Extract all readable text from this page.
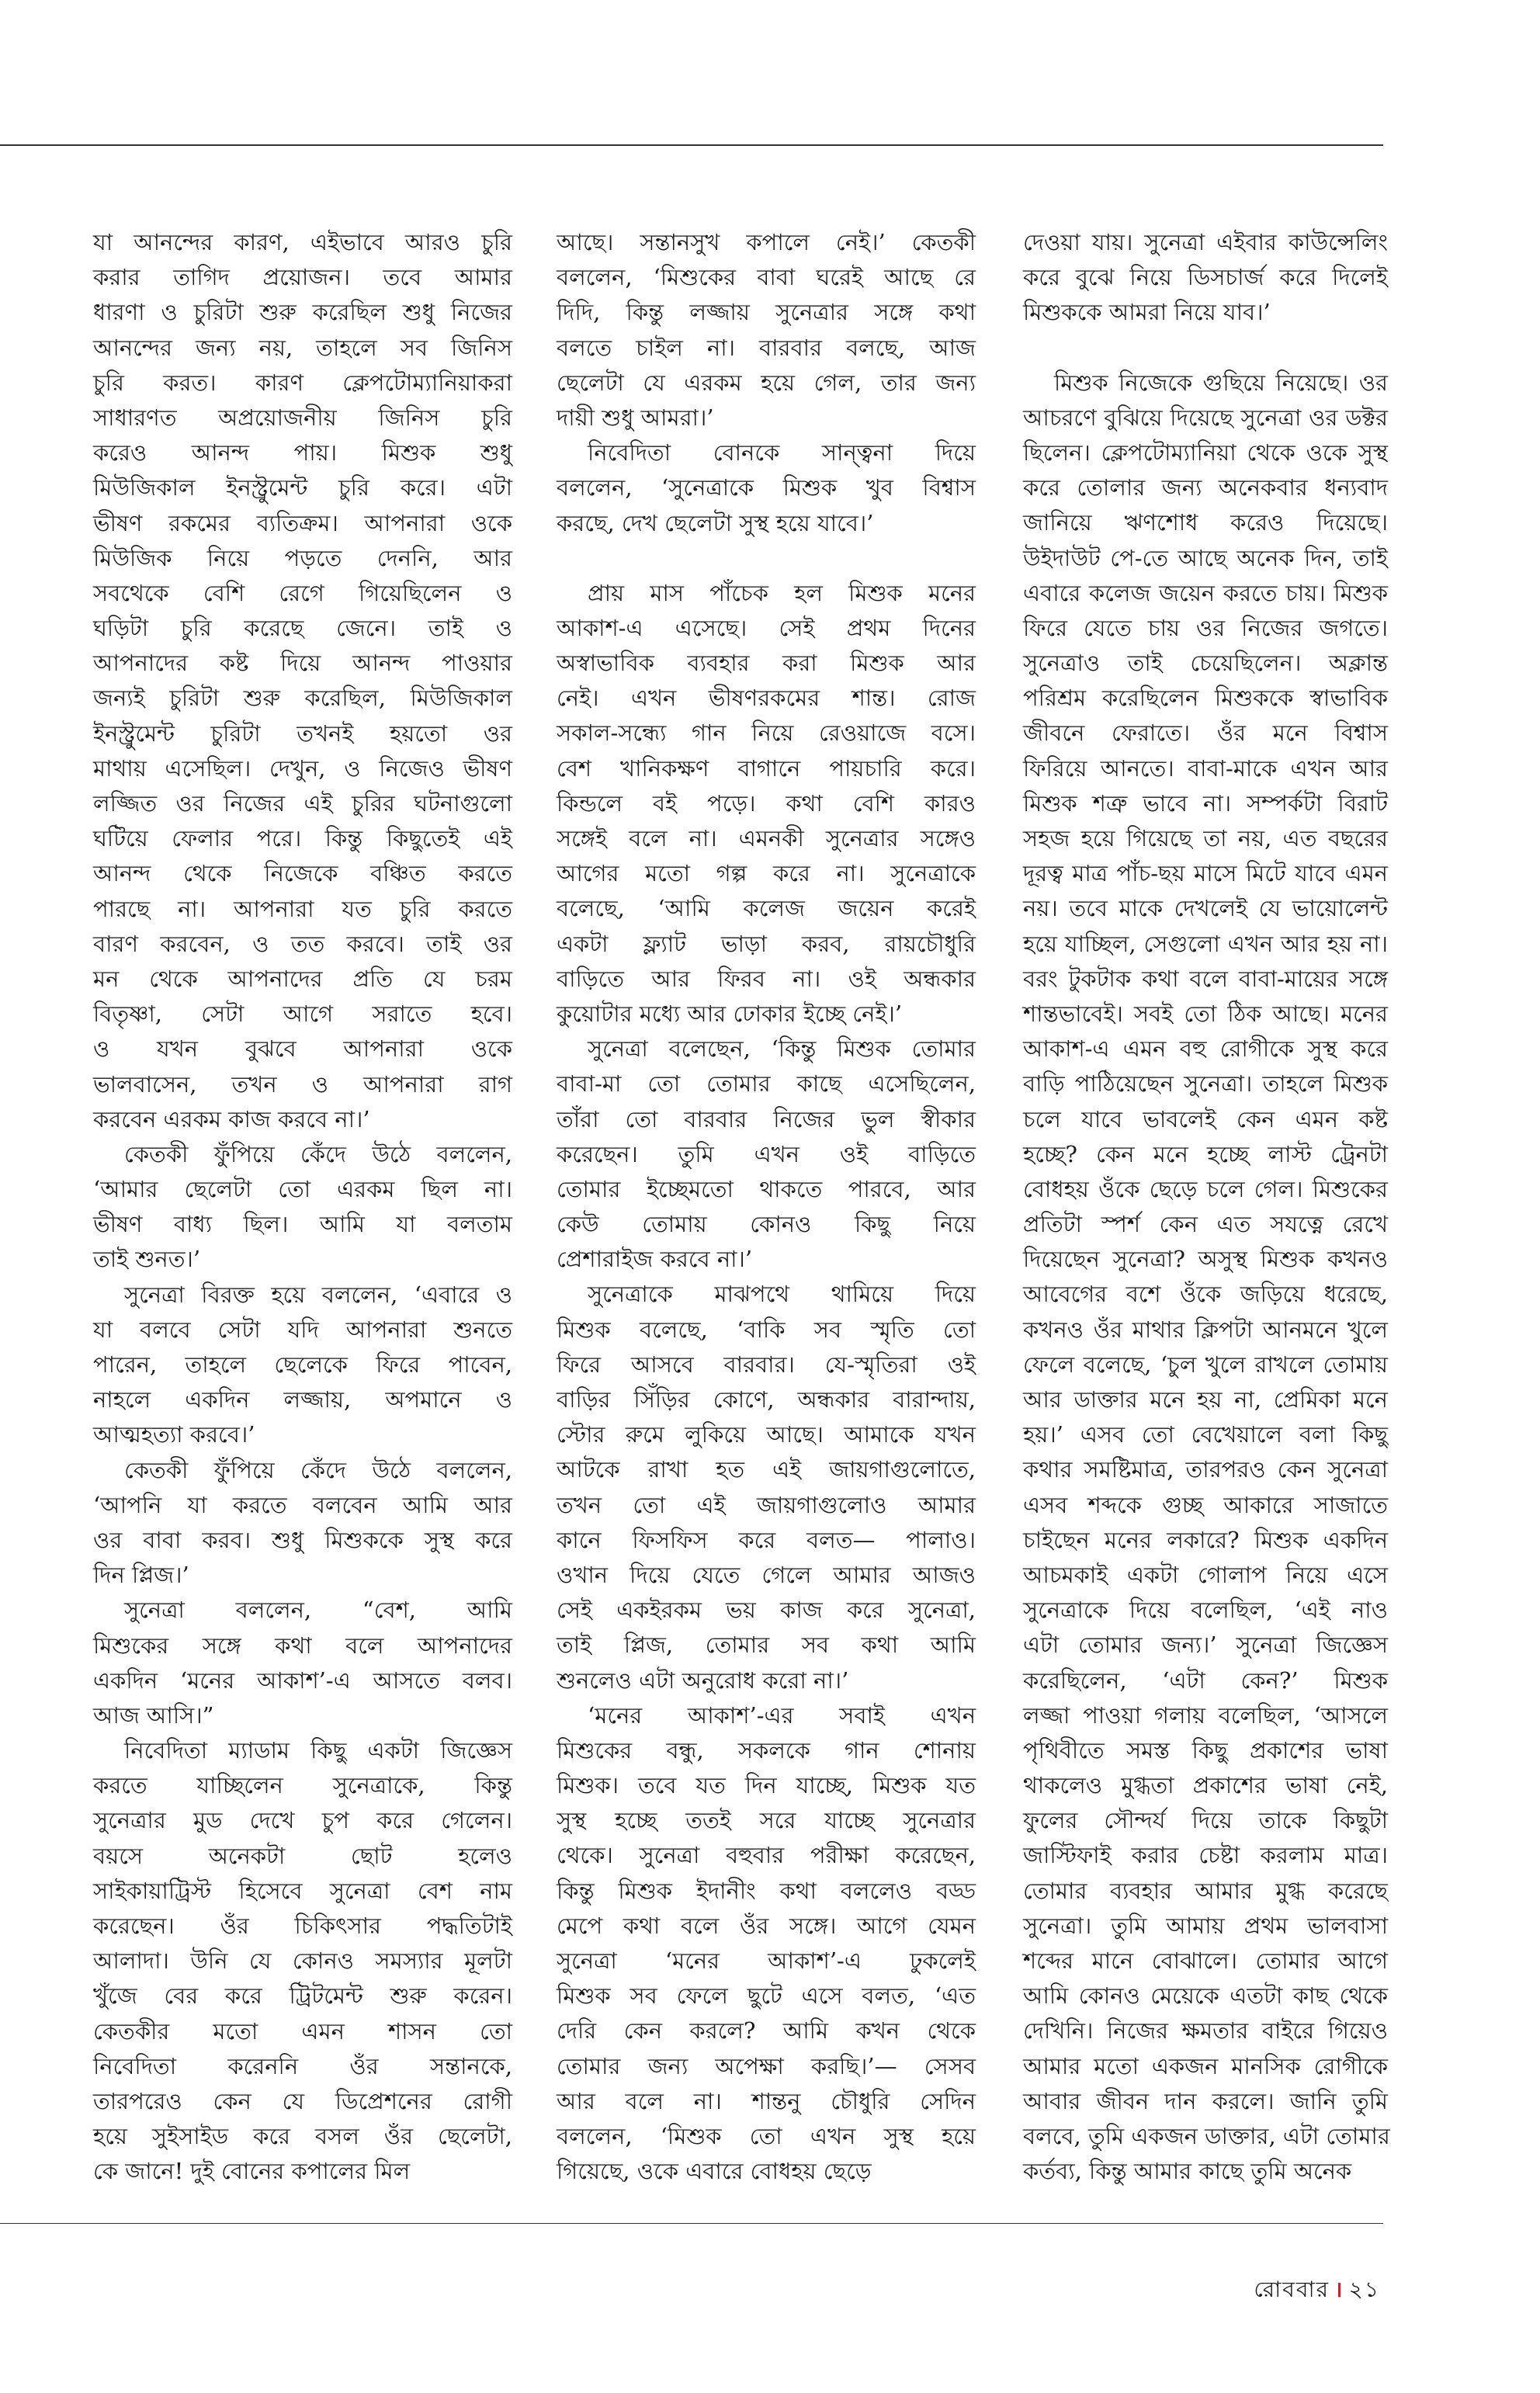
যা আনন্দের কারণ, এইভাবে আরও চুরি
করার তাগিদ প্রয়োজন। তবে আমার
ধারণা ও চুরিটা শুরু করেছিল শুধু নিজের
আনন্দের জন্য নয়, তাহলে সব জিনিস
চুরি করত। কারণ ক্লেপটোম্যানিয়াকরা
সাধারণত অপ্রয়োজনীয় জিনিস চুরি
করেও আনন্দ পায়। মিশুক শুধু
মিউজিকাল ইনস্ট্রুমেন্ট চুরি করে। এটা
ভীষণ রকমের ব্যতিক্রম। আপনারা ওকে
মিউজিক নিয়ে পড়তে দেননি, আর
সবথেকে বেশি রেগে গিয়েছিলেন ও
ঘড়িটা চুরি করেছে জেনে। তাই ও
আপনাদের কষ্ট দিয়ে আনন্দ পাওয়ার
জন্যই চুরিটা শুরু করেছিল, মিউজিকাল
ইনস্ট্রুমেন্ট চুরিটা তখনই হয়তো ওর
মাথায় এসেছিল। দেখুন, ও নিজেও ভীষণ
লজ্জিত ওর নিজের এই চুরির ঘটনাগুলো
ঘটিয়ে ফেলার পরে। কিন্তু কিছুতেই এই
আনন্দ থেকে নিজেকে বঞ্চিত করতে
পারছে না। আপনারা যত চুরি করতে
বারণ করবেন, ও তত করবে। তাই ওর
মন থেকে আপনাদের প্রতি যে চরম
বিতৃষ্ণা, সেটা আগে সরাতে হবে।
ও যখন বুঝবে আপনারা ওকে
ভালবাসেন, তখন ও আপনারা রাগ
করবেন এরকম কাজ করবে না।’
কেতকী ফুঁপিয়ে কেঁদে উঠে বললেন,
‘আমার ছেলেটা তো এরকম ছিল না।
ভীষণ বাধ্য ছিল। আমি যা বলতাম
তাই শুনত।’
সুনেত্রা বিরক্ত হয়ে বললেন, ‘এবারে ও
যা বলবে সেটা যদি আপনারা শুনতে
পারেন, তাহলে ছেলেকে ফিরে পাবেন,
নাহলে একদিন লজ্জায়, অপমানে ও
আত্মহত্যা করবে।’
কেতকী ফুঁপিয়ে কেঁদে উঠে বললেন,
‘আপনি যা করতে বলবেন আমি আর
ওর বাবা করব। শুধু মিশুককে সুস্থ করে
দিন প্লিজ।’
সুনেত্রা বললেন, “বেশ, আমি
মিশুকের সঙ্গে কথা বলে আপনাদের
একদিন ‘মনের আকাশ’-এ আসতে বলব।
আজ আসি।”
নিবেদিতা ম্যাডাম কিছু একটা জিজ্ঞেস
করতে যাচ্ছিলেন সুনেত্রাকে, কিন্তু
সুনেত্রার মুড দেখে চুপ করে গেলেন।
বয়সে অনেকটা ছোট হলেও
সাইকায়াট্রিস্ট হিসেবে সুনেত্রা বেশ নাম
করেছেন। ওঁর চিকিৎসার পদ্ধতিটাই
আলাদা। উনি যে কোনও সমস্যার মূলটা
খুঁজে বের করে ট্রিটমেন্ট শুরু করেন।
কেতকীর মতো এমন শাসন তো
নিবেদিতা করেননি ওঁর সন্তানকে,
তারপরেও কেন যে ডিপ্রেশনের রোগী
হয়ে সুইসাইড করে বসল ওঁর ছেলেটা,
কে জানে! দুই বোনের কপালের মিল
আছে। সন্তানসুখ কপালে নেই।’ কেতকী
বললেন, ‘মিশুকের বাবা ঘরেই আছে রে
দিদি, কিন্তু লজ্জায় সুনেত্রার সঙ্গে কথা
বলতে চাইল না। বারবার বলছে, আজ
ছেলেটা যে এরকম হয়ে গেল, তার জন্য
দায়ী শুধু আমরা।’
নিবেদিতা বোনকে সান্ত্বনা দিয়ে
বললেন, ‘সুনেত্রাকে মিশুক খুব বিশ্বাস
করছে, দেখ ছেলেটা সুস্থ হয়ে যাবে।’
প্রায় মাস পাঁচেক হল মিশুক মনের
আকাশ-এ এসেছে। সেই প্রথম দিনের
অস্বাভাবিক ব্যবহার করা মিশুক আর
নেই। এখন ভীষণরকমের শান্ত। রোজ
সকাল-সন্ধ্যে গান নিয়ে রেওয়াজে বসে।
বেশ খানিকক্ষণ বাগানে পায়চারি করে।
কিন্ডলে বই পড়ে। কথা বেশি কারও
সঙ্গেই বলে না। এমনকী সুনেত্রার সঙ্গেও
আগের মতো গল্প করে না। সুনেত্রাকে
বলেছে, ‘আমি কলেজ জয়েন করেই
একটা ফ্ল্যাট ভাড়া করব, রায়চৌধুরি
বাড়িতে আর ফিরব না। ওই অন্ধকার
কুয়োটার মধ্যে আর ঢোকার ইচ্ছে নেই।’
সুনেত্রা বলেছেন, ‘কিন্তু মিশুক তোমার
বাবা-মা তো তোমার কাছে এসেছিলেন,
তাঁরা তো বারবার নিজের ভুল স্বীকার
করেছেন। তুমি এখন ওই বাড়িতে
তোমার ইচ্ছেমতো থাকতে পারবে, আর
কেউ তোমায় কোনও কিছু নিয়ে
প্রেশারাইজ করবে না।’
সুনেত্রাকে মাঝপথে থামিয়ে দিয়ে
মিশুক বলেছে, ‘বাকি সব স্মৃতি তো
ফিরে আসবে বারবার। যে-স্মৃতিরা ওই
বাড়ির সিঁড়ির কোণে, অন্ধকার বারান্দায়,
স্টোর রুমে লুকিয়ে আছে। আমাকে যখন
আটকে রাখা হত এই জায়গাগুলোতে,
তখন তো এই জায়গাগুলোও আমার
কানে ফিসফিস করে বলত— পালাও।
ওখান দিয়ে যেতে গেলে আমার আজও
সেই একইরকম ভয় কাজ করে সুনেত্রা,
তাই প্লিজ, তোমার সব কথা আমি
শুনলেও এটা অনুরোধ করো না।’
‘মনের আকাশ’-এর সবাই এখন
মিশুকের বন্ধু, সকলকে গান শোনায়
মিশুক। তবে যত দিন যাচ্ছে, মিশুক যত
সুস্থ হচ্ছে ততই সরে যাচ্ছে সুনেত্রার
থেকে। সুনেত্রা বহুবার পরীক্ষা করেছেন,
কিন্তু মিশুক ইদানীং কথা বললেও বড্ড
মেপে কথা বলে ওঁর সঙ্গে। আগে যেমন
সুনেত্রা ‘মনের আকাশ’-এ ঢুকলেই
মিশুক সব ফেলে ছুটে এসে বলত, ‘এত
দেরি কেন করলে? আমি কখন থেকে
তোমার জন্য অপেক্ষা করছি।’— সেসব
আর বলে না। শান্তনু চৌধুরি সেদিন
বললেন, ‘মিশুক তো এখন সুস্থ হয়ে
গিয়েছে, ওকে এবারে বোধহয় ছেড়ে
দেওয়া যায়। সুনেত্রা এইবার কাউন্সেলিং
করে বুঝে নিয়ে ডিসচার্জ করে দিলেই
মিশুককে আমরা নিয়ে যাব।’
মিশুক নিজেকে গুছিয়ে নিয়েছে। ওর
আচরণে বুঝিয়ে দিয়েছে সুনেত্রা ওর ডক্টর
ছিলেন। ক্লেপটোম্যানিয়া থেকে ওকে সুস্থ
করে তোলার জন্য অনেকবার ধন্যবাদ
জানিয়ে ঋণশোধ করেও দিয়েছে।
উইদাউট পে-তে আছে অনেক দিন, তাই
এবারে কলেজ জয়েন করতে চায়। মিশুক
ফিরে যেতে চায় ওর নিজের জগতে।
সুনেত্রাও তাই চেয়েছিলেন। অক্লান্ত
পরিশ্রম করেছিলেন মিশুককে স্বাভাবিক
জীবনে ফেরাতে। ওঁর মনে বিশ্বাস
ফিরিয়ে আনতে। বাবা-মাকে এখন আর
মিশুক শত্রু ভাবে না। সম্পর্কটা বিরাট
সহজ হয়ে গিয়েছে তা নয়, এত বছরের
দূরত্ব মাত্র পাঁচ-ছয় মাসে মিটে যাবে এমন
নয়। তবে মাকে দেখলেই যে ভায়োলেন্ট
হয়ে যাচ্ছিল, সেগুলো এখন আর হয় না।
বরং টুকটাক কথা বলে বাবা-মায়ের সঙ্গে
শান্তভাবেই। সবই তো ঠিক আছে। মনের
আকাশ-এ এমন বহু রোগীকে সুস্থ করে
বাড়ি পাঠিয়েছেন সুনেত্রা। তাহলে মিশুক
চলে যাবে ভাবলেই কেন এমন কষ্ট
হচ্ছে? কেন মনে হচ্ছে লাস্ট ট্রেনটা
বোধহয় ওঁকে ছেড়ে চলে গেল। মিশুকের
প্রতিটা স্পর্শ কেন এত সযত্নে রেখে
দিয়েছেন সুনেত্রা? অসুস্থ মিশুক কখনও
আবেগের বশে ওঁকে জড়িয়ে ধরেছে,
কখনও ওঁর মাথার ক্লিপটা আনমনে খুলে
ফেলে বলেছে, ‘চুল খুলে রাখলে তোমায়
আর ডাক্তার মনে হয় না, প্রেমিকা মনে
হয়।’ এসব তো বেখেয়ালে বলা কিছু
কথার সমষ্টিমাত্র, তারপরও কেন সুনেত্রা
এসব শব্দকে গুচ্ছ আকারে সাজাতে
চাইছেন মনের লকারে? মিশুক একদিন
আচমকাই একটা গোলাপ নিয়ে এসে
সুনেত্রাকে দিয়ে বলেছিল, ‘এই নাও
এটা তোমার জন্য।’ সুনেত্রা জিজ্ঞেস
করেছিলেন, ‘এটা কেন?’ মিশুক
লজ্জা পাওয়া গলায় বলেছিল, ‘আসলে
পৃথিবীতে সমস্ত কিছু প্রকাশের ভাষা
থাকলেও মুগ্ধতা প্রকাশের ভাষা নেই,
ফুলের সৌন্দর্য দিয়ে তাকে কিছুটা
জাস্টিফাই করার চেষ্টা করলাম মাত্র।
তোমার ব্যবহার আমার মুগ্ধ করেছে
সুনেত্রা। তুমি আমায় প্রথম ভালবাসা
শব্দের মানে বোঝালে। তোমার আগে
আমি কোনও মেয়েকে এতটা কাছ থেকে
দেখিনি। নিজের ক্ষমতার বাইরে গিয়েও
আমার মতো একজন মানসিক রোগীকে
আবার জীবন দান করলে। জানি তুমি
বলবে, তুমি একজন ডাক্তার, এটা তোমার
কর্তব্য, কিন্তু আমার কাছে তুমি অনেক
রোববার । ২১
